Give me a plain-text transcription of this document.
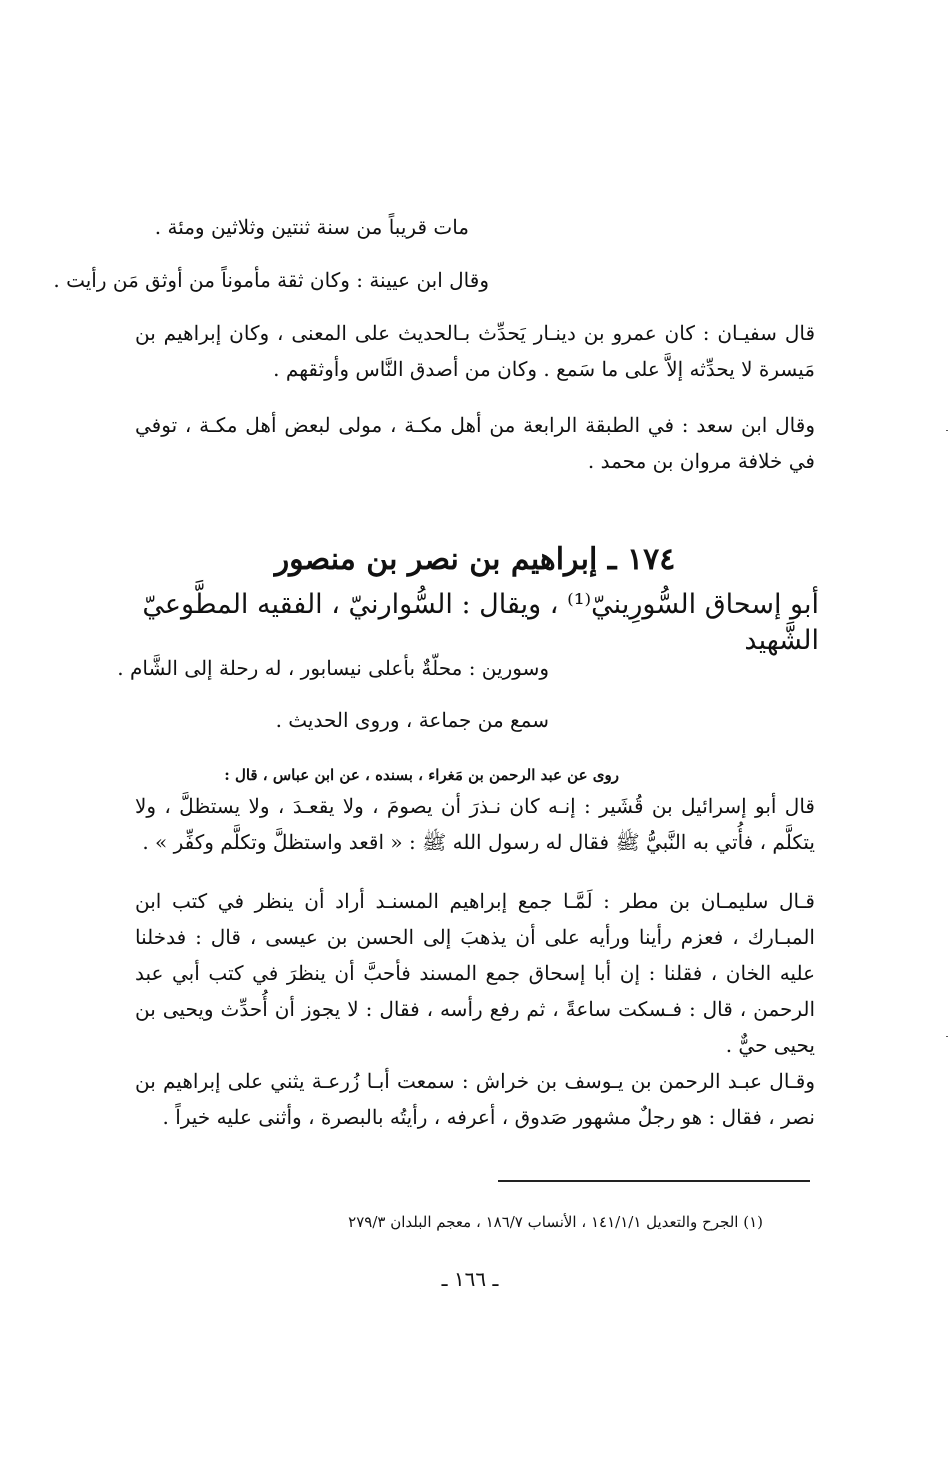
مات قريباً من سنة ثنتين وثلاثين ومئة .
وقال ابن عيينة : وكان ثقة مأموناً من أوثق مَن رأيت .
قال سفيـان : كان عمرو بن دينـار يَحدِّث بـالحديث على المعنى ، وكان إبراهيم بن مَيسرة لا يحدِّثه إلاَّ على ما سَمع . وكان من أصدق النَّاس وأوثقهم .
وقال ابن سعد : في الطبقة الرابعة من أهل مكـة ، مولى لبعض أهل مكـة ، توفي في خلافة مروان بن محمد .
١٧٤ ـ إبراهيم بن نصر بن منصور
أبو إسحاق السُّورِينيّ⁽¹⁾ ، ويقال : السُّوارنيّ ، الفقيه المطَّوعيّ الشَّهيد
وسورين : محلَّةٌ بأعلى نيسابور ، له رحلة إلى الشَّام .
سمع من جماعة ، وروى الحديث .
روى عن عبد الرحمن بن مَغراء ، بسنده ، عن ابن عباس ، قال :
قال أبو إسرائيل بن قُشَير : إنـه كان نـذرَ أن يصومَ ، ولا يقعـدَ ، ولا يستظلَّ ، ولا يتكلَّم ، فأُتي به النَّبيُّ ﷺ فقال له رسول الله ﷺ : « اقعد واستظلَّ وتكلَّم وكفِّر » .
قـال سليمـان بن مطر : لَمَّـا جمع إبراهيم المسنـد أراد أن ينظر في كتب ابن المبـارك ، فعزم رأينا ورأيه على أن يذهبَ إلى الحسن بن عيسى ، قال : فدخلنا عليه الخان ، فقلنا : إن أبا إسحاق جمع المسند فأحبَّ أن ينظرَ في كتب أبي عبد الرحمن ، قال : فـسكت ساعةً ، ثم رفع رأسه ، فقال : لا يجوز أن أُحدِّث ويحيى بن يحيى حيٌّ .
وقـال عبـد الرحمن بن يـوسف بن خراش : سمعت أبـا زُرعـة يثني على إبراهيم بن نصر ، فقال : هو رجلٌ مشهور صَدوق ، أعرفه ، رأيتُه بالبصرة ، وأثنى عليه خيراً .
(١) الجرح والتعديل ١٤١/١/١ ، الأنساب ١٨٦/٧ ، معجم البلدان ٢٧٩/٣
ـ ١٦٦ ـ
